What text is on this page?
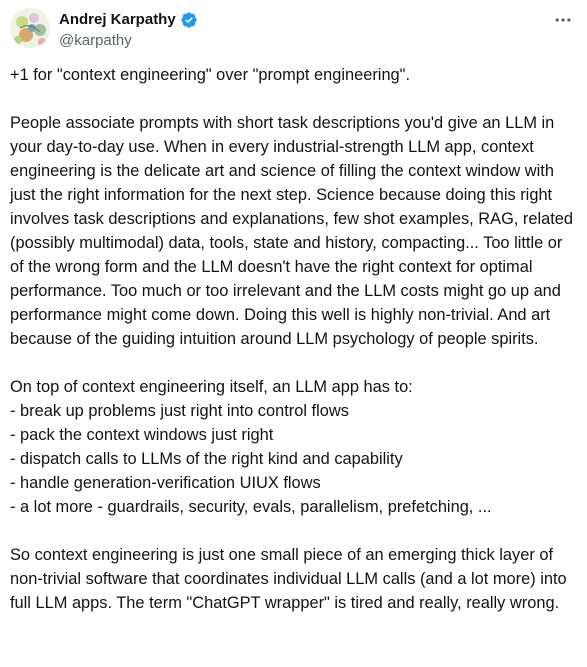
Andrej Karpathy
@karpathy

+1 for "context engineering" over "prompt engineering".

People associate prompts with short task descriptions you'd give an LLM in your day-to-day use. When in every industrial-strength LLM app, context engineering is the delicate art and science of filling the context window with just the right information for the next step. Science because doing this right involves task descriptions and explanations, few shot examples, RAG, related (possibly multimodal) data, tools, state and history, compacting... Too little or of the wrong form and the LLM doesn't have the right context for optimal performance. Too much or too irrelevant and the LLM costs might go up and performance might come down. Doing this well is highly non-trivial. And art because of the guiding intuition around LLM psychology of people spirits.

On top of context engineering itself, an LLM app has to:

- break up problems just right into control flows

- pack the context windows just right

- dispatch calls to LLMs of the right kind and capability

- handle generation-verification UIUX flows

- a lot more - guardrails, security, evals, parallelism, prefetching, ...

So context engineering is just one small piece of an emerging thick layer of non-trivial software that coordinates individual LLM calls (and a lot more) into full LLM apps. The term "ChatGPT wrapper" is tired and really, really wrong.
